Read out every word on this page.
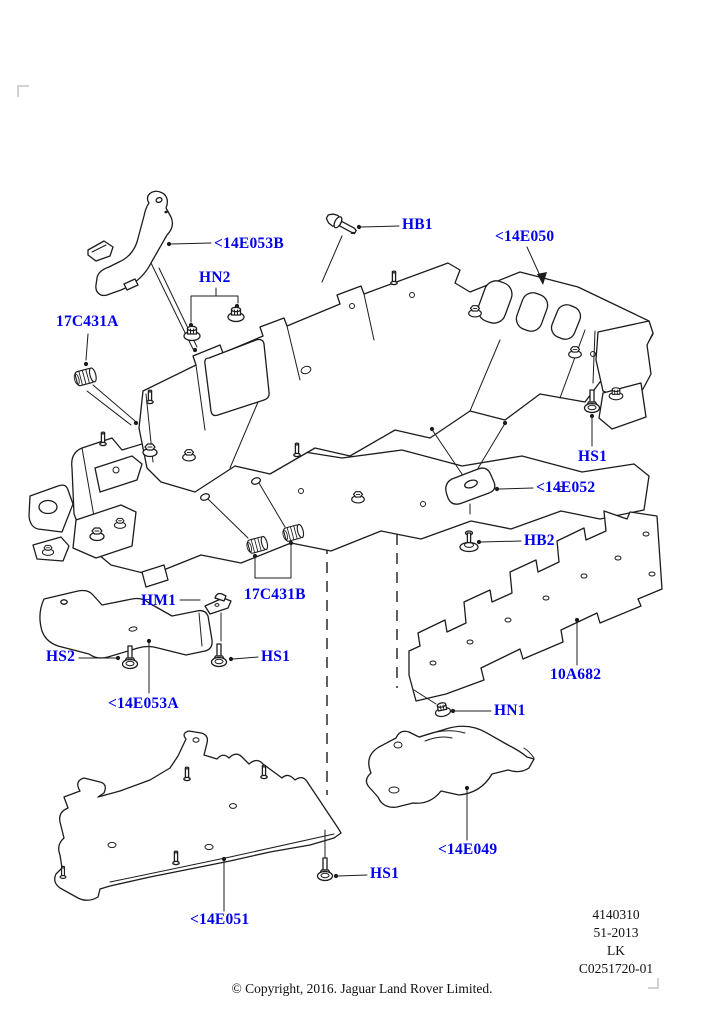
<14E053B
HN2
HB1
<14E050
17C431A
HS1
<14E052
HB2
17C431B
HM1
HS2	HS1
<14E053A
10A682
HN1
<14E049
HS1
<14E051	4140310
51-2013
LK
C0251720-01
© Copyright, 2016. Jaguar Land Rover Limited.
